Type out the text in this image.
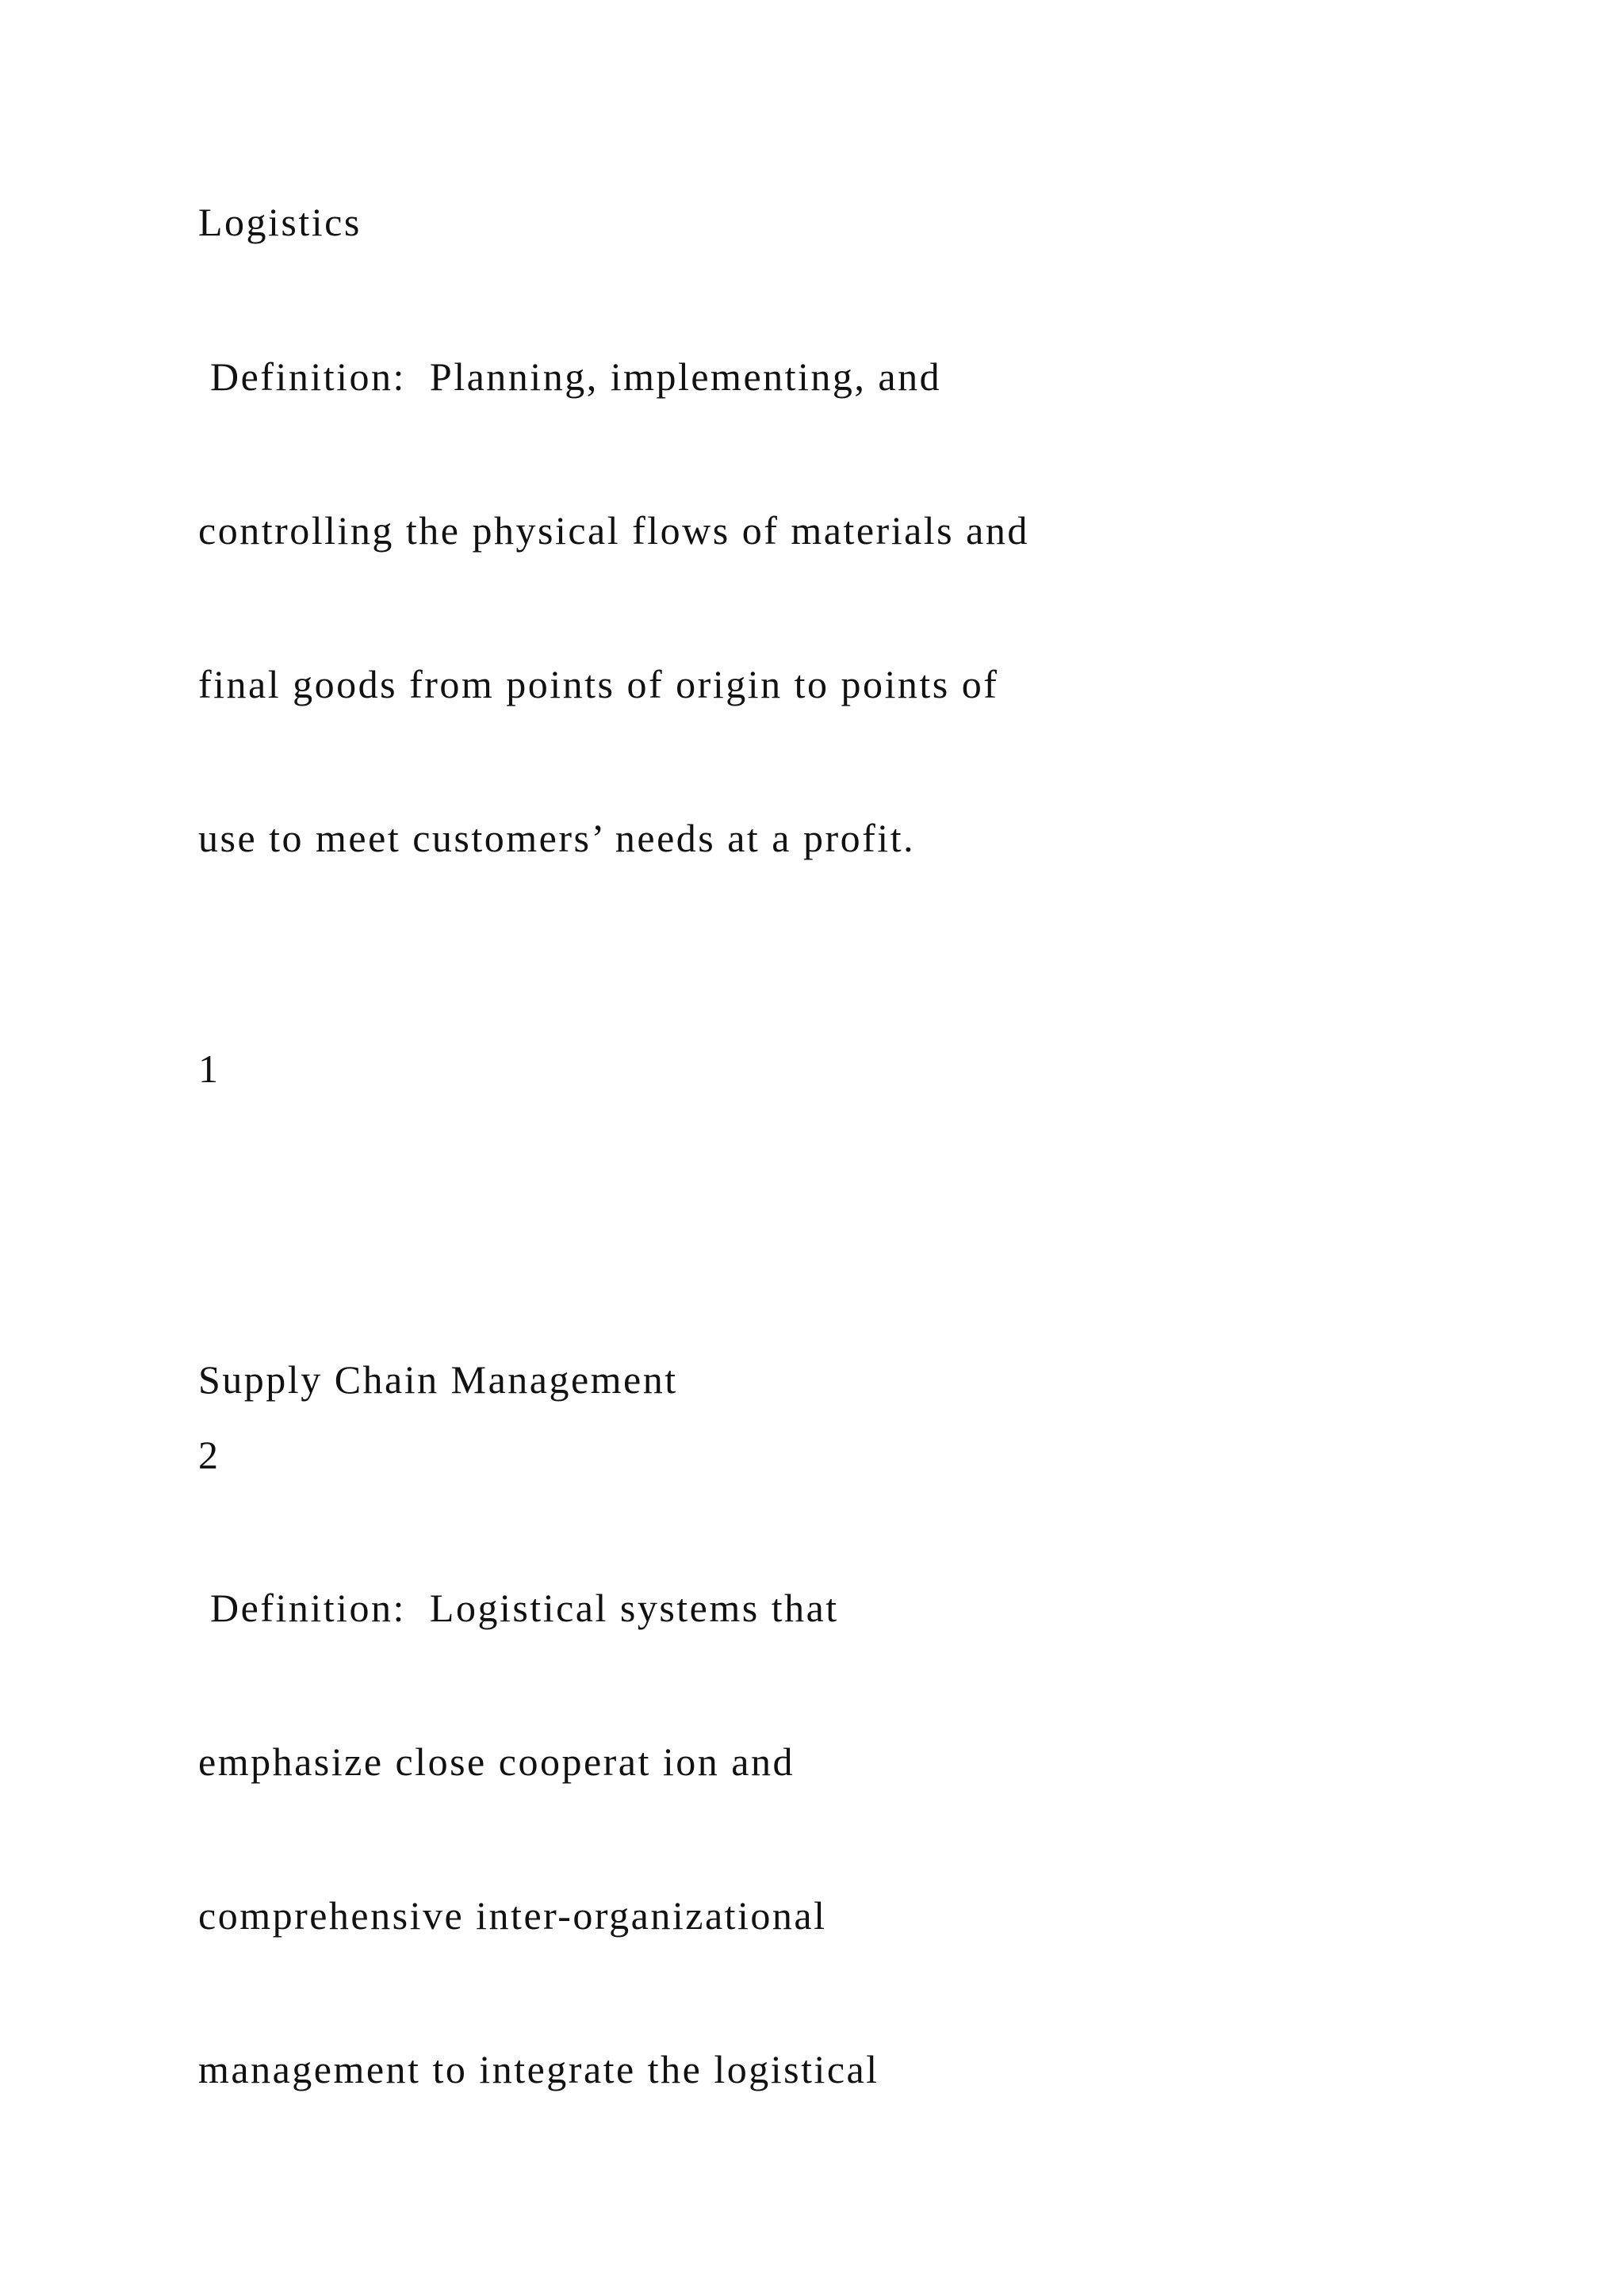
Logistics
Definition:  Planning, implementing, and
controlling the physical flows of materials and
final goods from points of origin to points of
use to meet customers’ needs at a profit.
1
Supply Chain Management
2
Definition:  Logistical systems that
emphasize close cooperat ion and
comprehensive inter-organizational
management to integrate the logistical
